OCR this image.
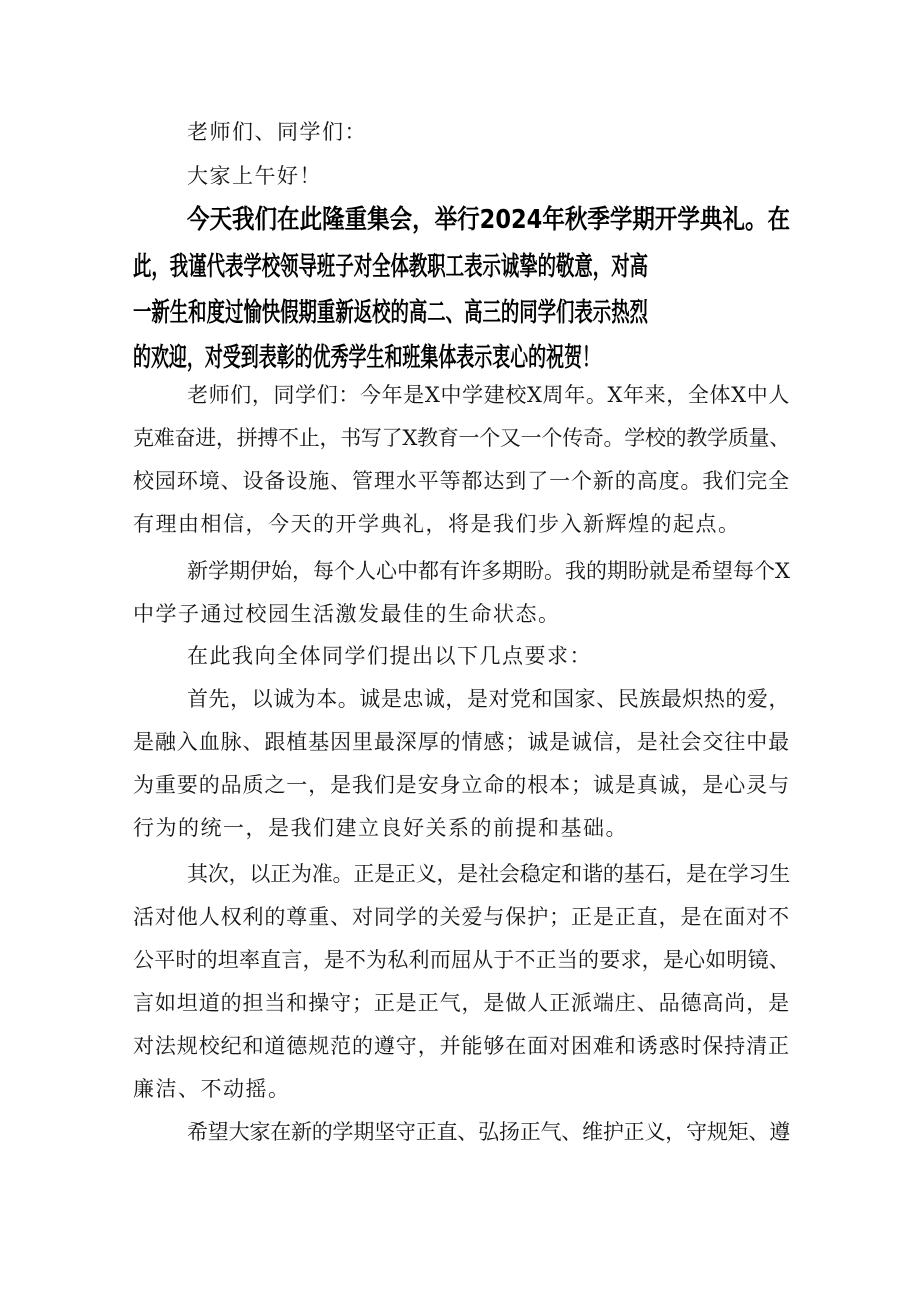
老师们、同学们：

大家上午好！

今天我们在此隆重集会，举行2024年秋季学期开学典礼。在

此，我谨代表学校领导班子对全体教职工表示诚挚的敬意，对高

一新生和度过愉快假期重新返校的高二、高三的同学们表示热烈

的欢迎，对受到表彰的优秀学生和班集体表示衷心的祝贺！

老师们，同学们：今年是X中学建校X周年。X年来，全体X中人

克难奋进，拼搏不止，书写了X教育一个又一个传奇。学校的教学质量、

校园环境、设备设施、管理水平等都达到了一个新的高度。我们完全

有理由相信，今天的开学典礼，将是我们步入新辉煌的起点。

新学期伊始，每个人心中都有许多期盼。我的期盼就是希望每个X

中学子通过校园生活激发最佳的生命状态。

在此我向全体同学们提出以下几点要求：

首先，以诚为本。诚是忠诚，是对党和国家、民族最炽热的爱，

是融入血脉、跟植基因里最深厚的情感；诚是诚信，是社会交往中最

为重要的品质之一，是我们是安身立命的根本；诚是真诚，是心灵与

行为的统一，是我们建立良好关系的前提和基础。

其次，以正为准。正是正义，是社会稳定和谐的基石，是在学习生

活对他人权利的尊重、对同学的关爱与保护；正是正直，是在面对不

公平时的坦率直言，是不为私利而屈从于不正当的要求，是心如明镜、

言如坦道的担当和操守；正是正气，是做人正派端庄、品德高尚，是

对法规校纪和道德规范的遵守，并能够在面对困难和诱惑时保持清正

廉洁、不动摇。

希望大家在新的学期坚守正直、弘扬正气、维护正义，守规矩、遵
